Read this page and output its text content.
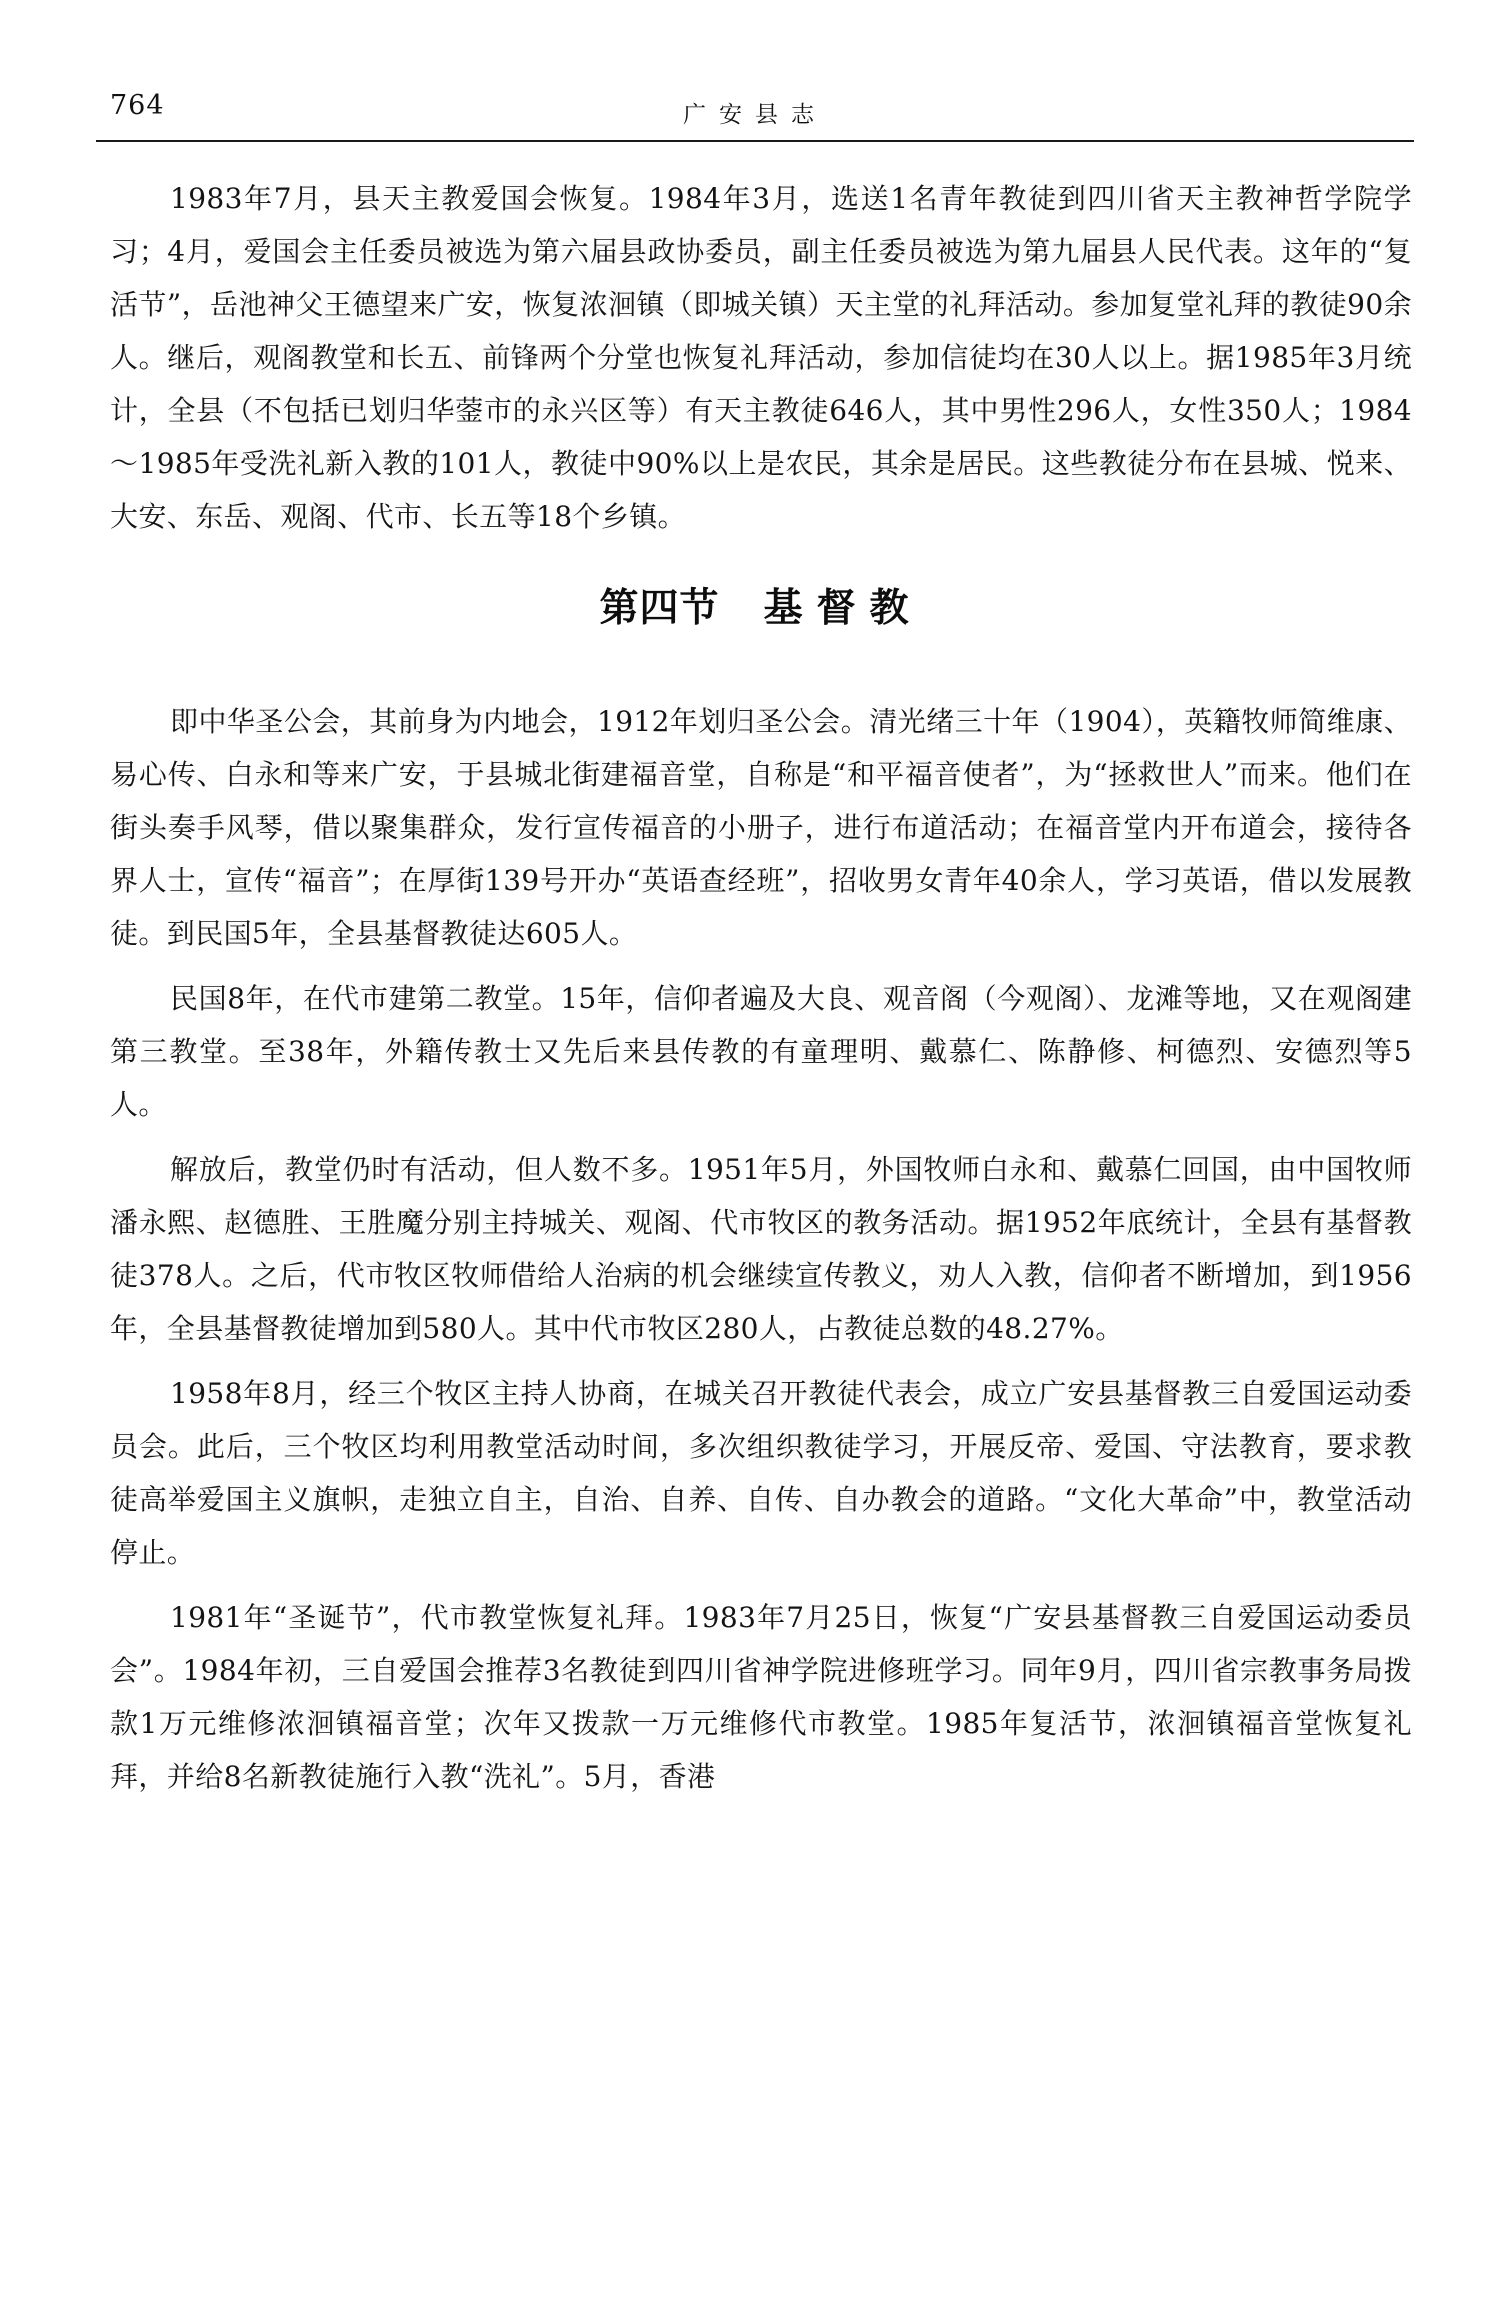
764	广安县志

1983年7月，县天主教爱国会恢复。1984年3月，选送1名青年教徒到四川省天主教神哲学院学习；4月，爱国会主任委员被选为第六届县政协委员，副主任委员被选为第九届县人民代表。这年的“复活节”，岳池神父王德望来广安，恢复浓洄镇（即城关镇）天主堂的礼拜活动。参加复堂礼拜的教徒90余人。继后，观阁教堂和长五、前锋两个分堂也恢复礼拜活动，参加信徒均在30人以上。据1985年3月统计，全县（不包括已划归华蓥市的永兴区等）有天主教徒646人，其中男性296人，女性350人；1984～1985年受洗礼新入教的101人，教徒中90%以上是农民，其余是居民。这些教徒分布在县城、悦来、大安、东岳、观阁、代市、长五等18个乡镇。

第四节 基督教

即中华圣公会，其前身为内地会，1912年划归圣公会。清光绪三十年（1904），英籍牧师简维康、易心传、白永和等来广安，于县城北街建福音堂，自称是“和平福音使者”，为“拯救世人”而来。他们在街头奏手风琴，借以聚集群众，发行宣传福音的小册子，进行布道活动；在福音堂内开布道会，接待各界人士，宣传“福音”；在厚街139号开办“英语查经班”，招收男女青年40余人，学习英语，借以发展教徒。到民国5年，全县基督教徒达605人。

民国8年，在代市建第二教堂。15年，信仰者遍及大良、观音阁（今观阁）、龙滩等地，又在观阁建第三教堂。至38年，外籍传教士又先后来县传教的有童理明、戴慕仁、陈静修、柯德烈、安德烈等5人。

解放后，教堂仍时有活动，但人数不多。1951年5月，外国牧师白永和、戴慕仁回国，由中国牧师潘永熙、赵德胜、王胜魔分别主持城关、观阁、代市牧区的教务活动。据1952年底统计，全县有基督教徒378人。之后，代市牧区牧师借给人治病的机会继续宣传教义，劝人入教，信仰者不断增加，到1956年，全县基督教徒增加到580人。其中代市牧区280人，占教徒总数的48.27%。

1958年8月，经三个牧区主持人协商，在城关召开教徒代表会，成立广安县基督教三自爱国运动委员会。此后，三个牧区均利用教堂活动时间，多次组织教徒学习，开展反帝、爱国、守法教育，要求教徒高举爱国主义旗帜，走独立自主，自治、自养、自传、自办教会的道路。“文化大革命”中，教堂活动停止。

1981年“圣诞节”，代市教堂恢复礼拜。1983年7月25日，恢复“广安县基督教三自爱国运动委员会”。1984年初，三自爱国会推荐3名教徒到四川省神学院进修班学习。同年9月，四川省宗教事务局拨款1万元维修浓洄镇福音堂；次年又拨款一万元维修代市教堂。1985年复活节，浓洄镇福音堂恢复礼拜，并给8名新教徒施行入教“洗礼”。5月，香港
